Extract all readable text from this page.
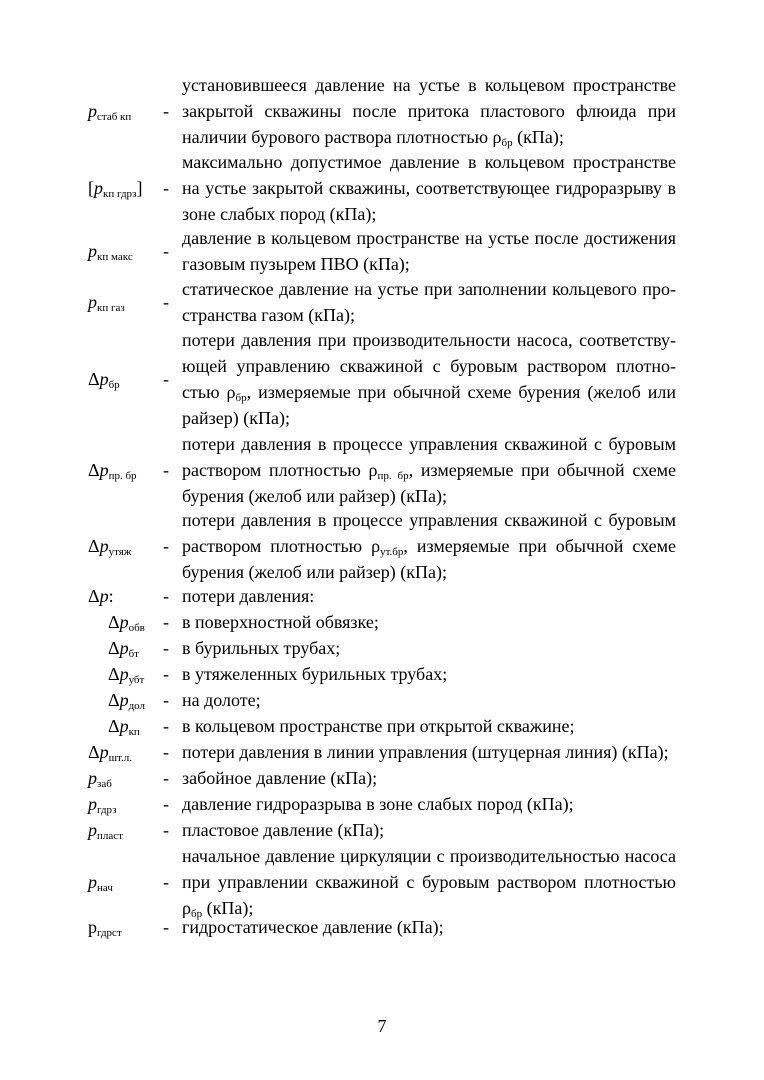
$p_{стаб кп}$ -
установившееся давление на устье в кольцевом пространстве
закрытой скважины после притока пластового флюида при
наличии бурового раствора плотностью $\rho_{бр}$ (кПа);
$[p_{кп гдрз}]$ -
максимально допустимое давление в кольцевом пространстве
на устье закрытой скважины, соответствующее гидроразрыву в
зоне слабых пород (кПа);
$p_{кп макс}$ -
давление в кольцевом пространстве на устье после достижения
газовым пузырем ПВО (кПа);
$p_{кп газ}$ -
статическое давление на устье при заполнении кольцевого про-
странства газом (кПа);
$\Delta p_{бр}$ -
потери давления при производительности насоса, соответству-
ющей управлению скважиной с буровым раствором плотно-
стью $\rho_{бр}$, измеряемые при обычной схеме бурения (желоб или
райзер) (кПа);
$\Delta p_{пр. бр}$ -
потери давления в процессе управления скважиной с буровым
раствором плотностью $\rho_{пр. бр}$, измеряемые при обычной схеме
бурения (желоб или райзер) (кПа);
$\Delta p_{утяж}$ -
потери давления в процессе управления скважиной с буровым
раствором плотностью $\rho_{ут.бр}$, измеряемые при обычной схеме
бурения (желоб или райзер) (кПа);
Δp:	- потери давления:
$\Delta p_{обв}$ - в поверхностной обвязке;
$\Delta p_{бт}$ - в бурильных трубах;
$\Delta p_{убт}$ - в утяжеленных бурильных трубах;
$\Delta p_{дол}$ - на долоте;
$\Delta p_{кп}$ - в кольцевом пространстве при открытой скважине;
$\Delta p_{шт.л.}$ - потери давления в линии управления (штуцерная линия) (кПа);
$p_{заб}$	- забойное давление (кПа);
$p_{гдрз}$	- давление гидроразрыва в зоне слабых пород (кПа);
$p_{пласт}$ - пластовое давление (кПа);
$p_{нач}$	-
начальное давление циркуляции с производительностью насоса
при управлении скважиной с буровым раствором плотностью
$\rho_{бр}$ (кПа);
$p_{гдрст}$ - гидростатическое давление (кПа);
7
